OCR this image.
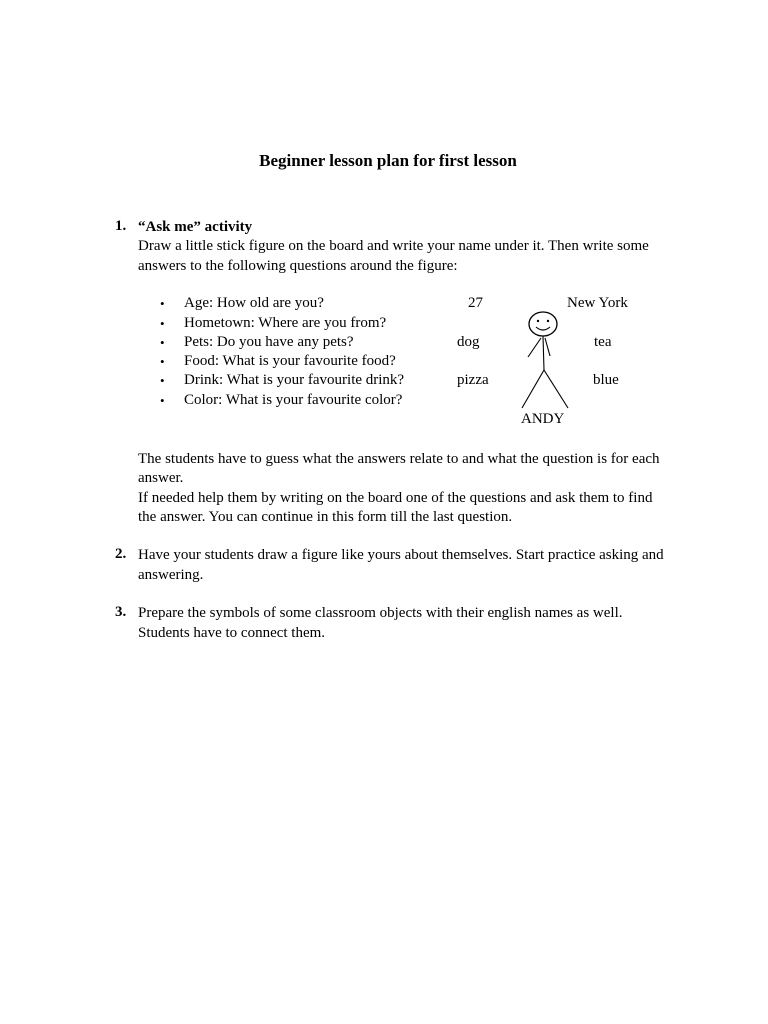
Beginner lesson plan for first lesson
1. “Ask me” activity
Draw a little stick figure on the board and write your name under it. Then write some
answers to the following questions around the figure:
• Age: How old are you?
• Hometown: Where are you from?
• Pets: Do you have any pets?
• Food: What is your favourite food?
• Drink: What is your favourite drink?
• Color: What is your favourite color?
27	New York
dog	tea
pizza	blue
ANDY
The students have to guess what the answers relate to and what the question is for each
answer.
If needed help them by writing on the board one of the questions and ask them to find
the answer. You can continue in this form till the last question.
2. Have your students draw a figure like yours about themselves. Start practice asking and
answering.
3. Prepare the symbols of some classroom objects with their english names as well.
Students have to connect them.
